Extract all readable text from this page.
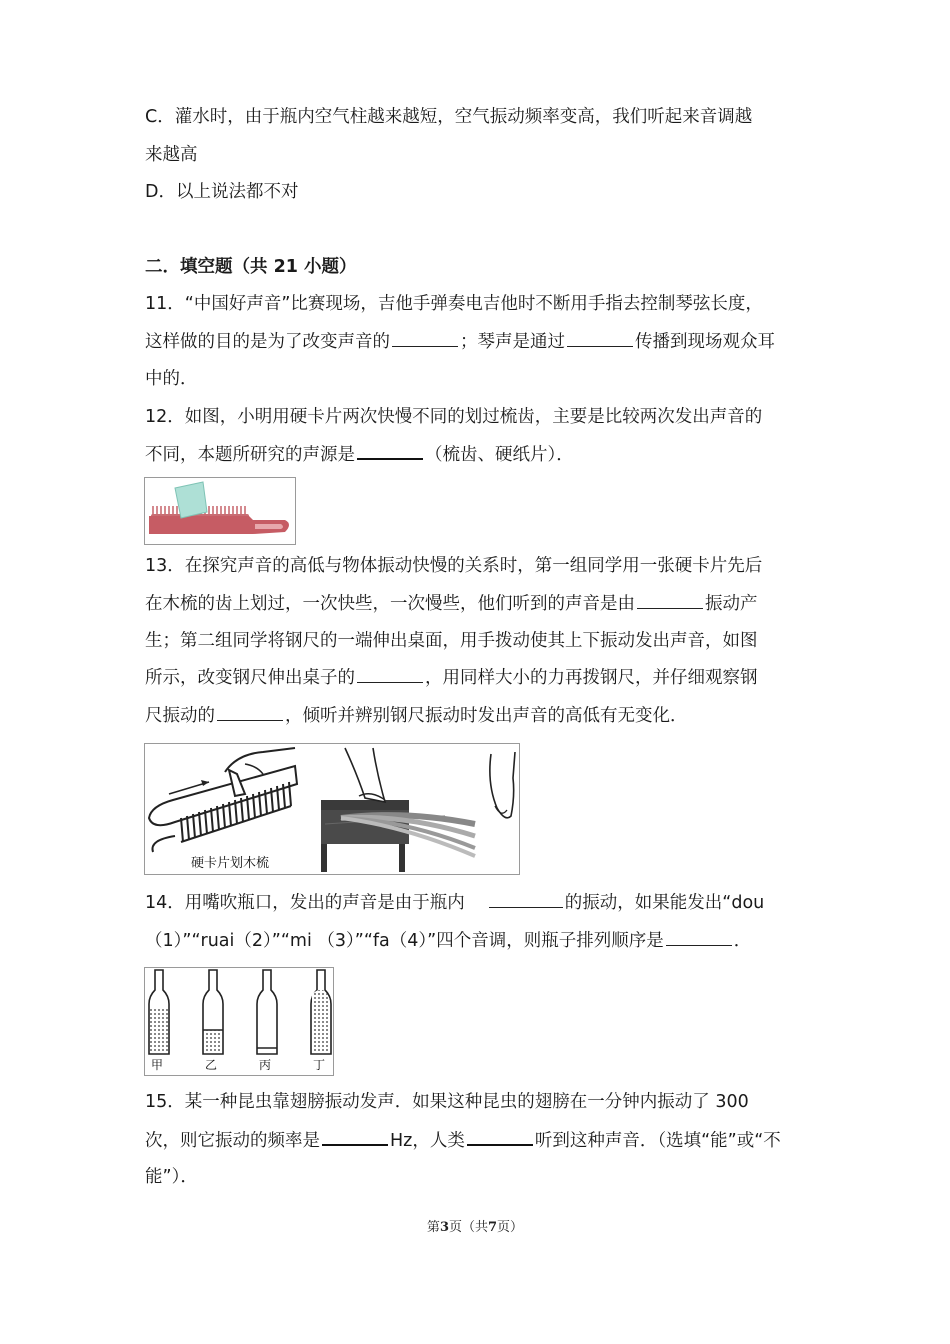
C．灌水时，由于瓶内空气柱越来越短，空气振动频率变高，我们听起来音调越
来越高
D．以上说法都不对
二．填空题（共 21 小题）
11．“中国好声音”比赛现场，吉他手弹奏电吉他时不断用手指去控制琴弦长度，
这样做的目的是为了改变声音的	；琴声是通过	传播到现场观众耳
中的．
12．如图，小明用硬卡片两次快慢不同的划过梳齿，主要是比较两次发出声音的
不同，本题所研究的声源是	（梳齿、硬纸片）．
13．在探究声音的高低与物体振动快慢的关系时，第一组同学用一张硬卡片先后
在木梳的齿上划过，一次快些，一次慢些，他们听到的声音是由	振动产
生；第二组同学将钢尺的一端伸出桌面，用手拨动使其上下振动发出声音，如图
所示，改变钢尺伸出桌子的	，用同样大小的力再拨钢尺，并仔细观察钢
尺振动的	，倾听并辨别钢尺振动时发出声音的高低有无变化．
硬卡片划木梳
14．用嘴吹瓶口，发出的声音是由于瓶内	的振动，如果能发出“dou
（1）”“ruai（2）”“mi （3）”“fa（4）”四个音调，则瓶子排列顺序是	．
甲	乙	丙	丁
15．某一种昆虫靠翅膀振动发声．如果这种昆虫的翅膀在一分钟内振动了 300
次，则它振动的频率是	Hz，人类	听到这种声音．（选填“能”或“不
能”）．
第3页（共7页）
